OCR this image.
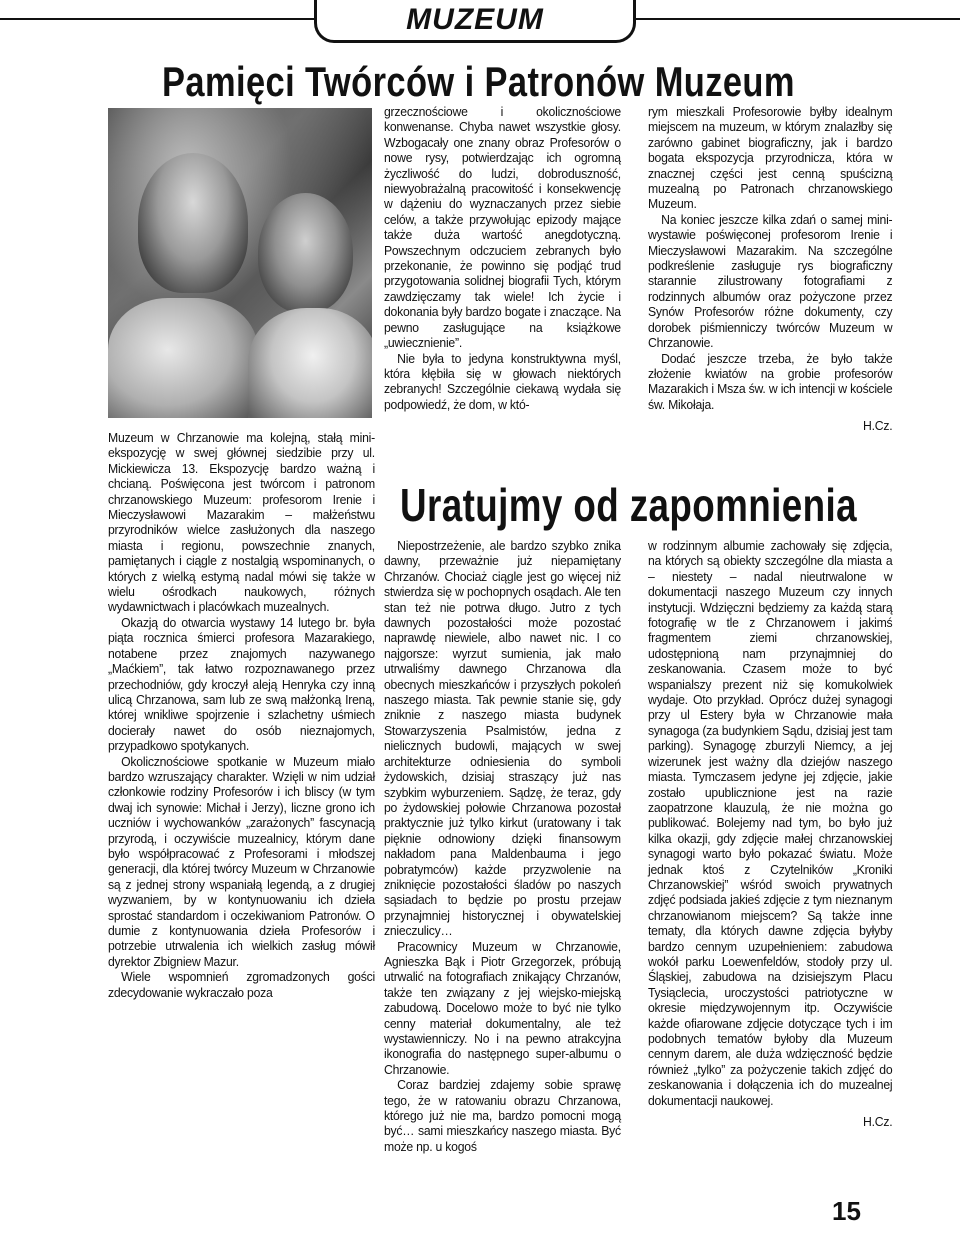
MUZEUM
Pamięci Twórców i Patronów Muzeum

Muzeum w Chrzanowie ma kolejną, stałą mini-ekspozycję w swej głównej siedzibie przy ul. Mickiewicza 13. Ekspozycję bardzo ważną i chcianą. Poświęcona jest twórcom i patronom chrzanowskiego Muzeum: profesorom Irenie i Mieczysławowi Mazarakim – małżeństwu przyrodników wielce zasłużonych dla naszego miasta i regionu, powszechnie znanych, pamiętanych i ciągle z nostalgią wspominanych, o których z wielką estymą nadal mówi się także w wielu ośrodkach naukowych, różnych wydawnictwach i placówkach muzealnych.

Okazją do otwarcia wystawy 14 lutego br. była piąta rocznica śmierci profesora Mazarakiego, notabene przez znajomych nazywanego „Maćkiem”, tak łatwo rozpoznawanego przez przechodniów, gdy kroczył aleją Henryka czy inną ulicą Chrzanowa, sam lub ze swą małżonką Ireną, której wnikliwe spojrzenie i szlachetny uśmiech docierały nawet do osób nieznajomych, przypadkowo spotykanych.

Okolicznościowe spotkanie w Muzeum miało bardzo wzruszający charakter. Wzięli w nim udział członkowie rodziny Profesorów i ich bliscy (w tym dwaj ich synowie: Michał i Jerzy), liczne grono ich uczniów i wychowanków „zarażonych” fascynacją przyrodą, i oczywiście muzealnicy, którym dane było współpracować z Profesorami i młodszej generacji, dla której twórcy Muzeum w Chrzanowie są z jednej strony wspaniałą legendą, a z drugiej wyzwaniem, by w kontynuowaniu ich dzieła sprostać standardom i oczekiwaniom Patronów. O dumie z kontynuowania dzieła Profesorów i potrzebie utrwalenia ich wielkich zasług mówił dyrektor Zbigniew Mazur.

Wiele wspomnień zgromadzonych gości zdecydowanie wykraczało poza

grzecznościowe i okolicznościowe konwenanse. Chyba nawet wszystkie głosy. Wzbogacały one znany obraz Profesorów o nowe rysy, potwierdzając ich ogromną życzliwość do ludzi, dobroduszność, niewyobrażalną pracowitość i konsekwencję w dążeniu do wyznaczanych przez siebie celów, a także przywołując epizody mające także duża wartość anegdotyczną. Powszechnym odczuciem zebranych było przekonanie, że powinno się podjąć trud przygotowania solidnej biografii Tych, którym zawdzięczamy tak wiele! Ich życie i dokonania były bardzo bogate i znaczące. Na pewno zasługujące na książkowe „uwiecznienie”.

Nie była to jedyna konstruktywna myśl, która kłębiła się w głowach niektórych zebranych! Szczególnie ciekawą wydała się podpowiedź, że dom, w któ-

rym mieszkali Profesorowie byłby idealnym miejscem na muzeum, w którym znalazłby się zarówno gabinet biograficzny, jak i bardzo bogata ekspozycja przyrodnicza, która w znacznej części jest cenną spuścizną muzealną po Patronach chrzanowskiego Muzeum.

Na koniec jeszcze kilka zdań o samej mini-wystawie poświęconej profesorom Irenie i Mieczysławowi Mazarakim. Na szczególne podkreślenie zasługuje rys biograficzny starannie zilustrowany fotografiami z rodzinnych albumów oraz pożyczone przez Synów Profesorów różne dokumenty, czy dorobek piśmienniczy twórców Muzeum w Chrzanowie.

Dodać jeszcze trzeba, że było także złożenie kwiatów na grobie profesorów Mazarakich i Msza św. w ich intencji w kościele św. Mikołaja.

H.Cz.

Uratujmy od zapomnienia

Niepostrzeżenie, ale bardzo szybko znika dawny, przeważnie już niepamiętany Chrzanów. Chociaż ciągle jest go więcej niż stwierdza się w pochopnych osądach. Ale ten stan też nie potrwa długo. Jutro z tych dawnych pozostałości może pozostać naprawdę niewiele, albo nawet nic. I co najgorsze: wyrzut sumienia, jak mało utrwaliśmy dawnego Chrzanowa dla obecnych mieszkańców i przyszłych pokoleń naszego miasta. Tak pewnie stanie się, gdy zniknie z naszego miasta budynek Stowarzyszenia Psalmistów, jedna z nielicznych budowli, mających w swej architekturze odniesienia do symboli żydowskich, dzisiaj straszący już nas szybkim wyburzeniem. Sądzę, że teraz, gdy po żydowskiej połowie Chrzanowa pozostał praktycznie już tylko kirkut (uratowany i tak pięknie odnowiony dzięki finansowym nakładom pana Maldenbauma i jego pobratymców) każde przyzwolenie na zniknięcie pozostałości śladów po naszych sąsiadach to będzie po prostu przejaw przynajmniej historycznej i obywatelskiej znieczulicy…

Pracownicy Muzeum w Chrzanowie, Agnieszka Bąk i Piotr Grzegorzek, próbują utrwalić na fotografiach znikający Chrzanów, także ten związany z jej wiejsko-miejską zabudową. Docelowo może to być nie tylko cenny materiał dokumentalny, ale też wystawienniczy. No i na pewno atrakcyjna ikonografia do następnego super-albumu o Chrzanowie.

Coraz bardziej zdajemy sobie sprawę tego, że w ratowaniu obrazu Chrzanowa, którego już nie ma, bardzo pomocni mogą być… sami mieszkańcy naszego miasta. Być może np. u kogoś

w rodzinnym albumie zachowały się zdjęcia, na których są obiekty szczególne dla miasta a – niestety – nadal nieutrwalone w dokumentacji naszego Muzeum czy innych instytucji. Wdzięczni będziemy za każdą starą fotografię w tle z Chrzanowem i jakimś fragmentem ziemi chrzanowskiej, udostępnioną nam przynajmniej do zeskanowania. Czasem może to być wspanialszy prezent niż się komukolwiek wydaje. Oto przykład. Oprócz dużej synagogi przy ul Estery była w Chrzanowie mała synagoga (za budynkiem Sądu, dzisiaj jest tam parking). Synagogę zburzyli Niemcy, a jej wizerunek jest ważny dla dziejów naszego miasta. Tymczasem jedyne jej zdjęcie, jakie zostało upublicznione jest na razie zaopatrzone klauzulą, że nie można go publikować. Bolejemy nad tym, bo było już kilka okazji, gdy zdjęcie małej chrzanowskiej synagogi warto było pokazać światu. Może jednak ktoś z Czytelników „Kroniki Chrzanowskiej” wśród swoich prywatnych zdjęć podsiada jakieś zdjęcie z tym nieznanym chrzanowianom miejscem? Są także inne tematy, dla których dawne zdjęcia byłyby bardzo cennym uzupełnieniem: zabudowa wokół parku Loewenfeldów, stodoły przy ul. Śląskiej, zabudowa na dzisiejszym Placu Tysiąclecia, uroczystości patriotyczne w okresie międzywojennym itp. Oczywiście każde ofiarowane zdjęcie dotyczące tych i im podobnych tematów byłoby dla Muzeum cennym darem, ale duża wdzięczność będzie również „tylko” za pożyczenie takich zdjęć do zeskanowania i dołączenia ich do muzealnej dokumentacji naukowej.

H.Cz.

15
